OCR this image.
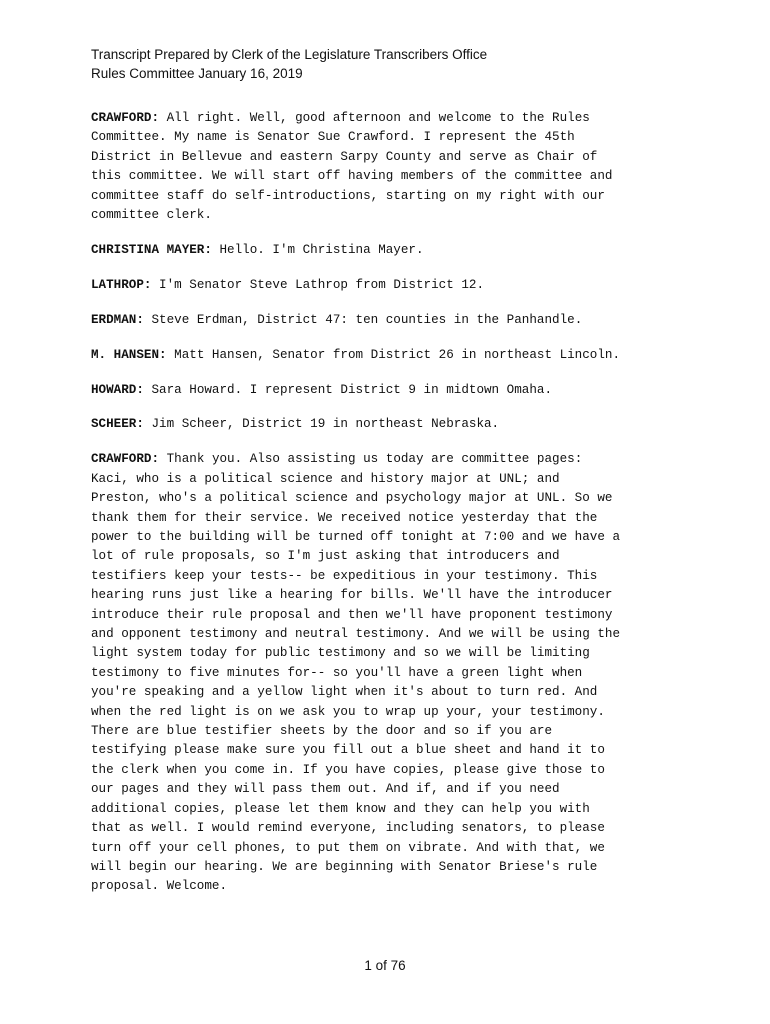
Transcript Prepared by Clerk of the Legislature Transcribers Office
Rules Committee January 16, 2019
CRAWFORD: All right. Well, good afternoon and welcome to the Rules
Committee. My name is Senator Sue Crawford. I represent the 45th
District in Bellevue and eastern Sarpy County and serve as Chair of
this committee. We will start off having members of the committee and
committee staff do self-introductions, starting on my right with our
committee clerk.
CHRISTINA MAYER: Hello. I'm Christina Mayer.
LATHROP: I'm Senator Steve Lathrop from District 12.
ERDMAN: Steve Erdman, District 47: ten counties in the Panhandle.
M. HANSEN: Matt Hansen, Senator from District 26 in northeast Lincoln.
HOWARD: Sara Howard. I represent District 9 in midtown Omaha.
SCHEER: Jim Scheer, District 19 in northeast Nebraska.
CRAWFORD: Thank you. Also assisting us today are committee pages:
Kaci, who is a political science and history major at UNL; and
Preston, who's a political science and psychology major at UNL. So we
thank them for their service. We received notice yesterday that the
power to the building will be turned off tonight at 7:00 and we have a
lot of rule proposals, so I'm just asking that introducers and
testifiers keep your tests-- be expeditious in your testimony. This
hearing runs just like a hearing for bills. We'll have the introducer
introduce their rule proposal and then we'll have proponent testimony
and opponent testimony and neutral testimony. And we will be using the
light system today for public testimony and so we will be limiting
testimony to five minutes for-- so you'll have a green light when
you're speaking and a yellow light when it's about to turn red. And
when the red light is on we ask you to wrap up your, your testimony.
There are blue testifier sheets by the door and so if you are
testifying please make sure you fill out a blue sheet and hand it to
the clerk when you come in. If you have copies, please give those to
our pages and they will pass them out. And if, and if you need
additional copies, please let them know and they can help you with
that as well. I would remind everyone, including senators, to please
turn off your cell phones, to put them on vibrate. And with that, we
will begin our hearing. We are beginning with Senator Briese's rule
proposal. Welcome.
1 of 76
